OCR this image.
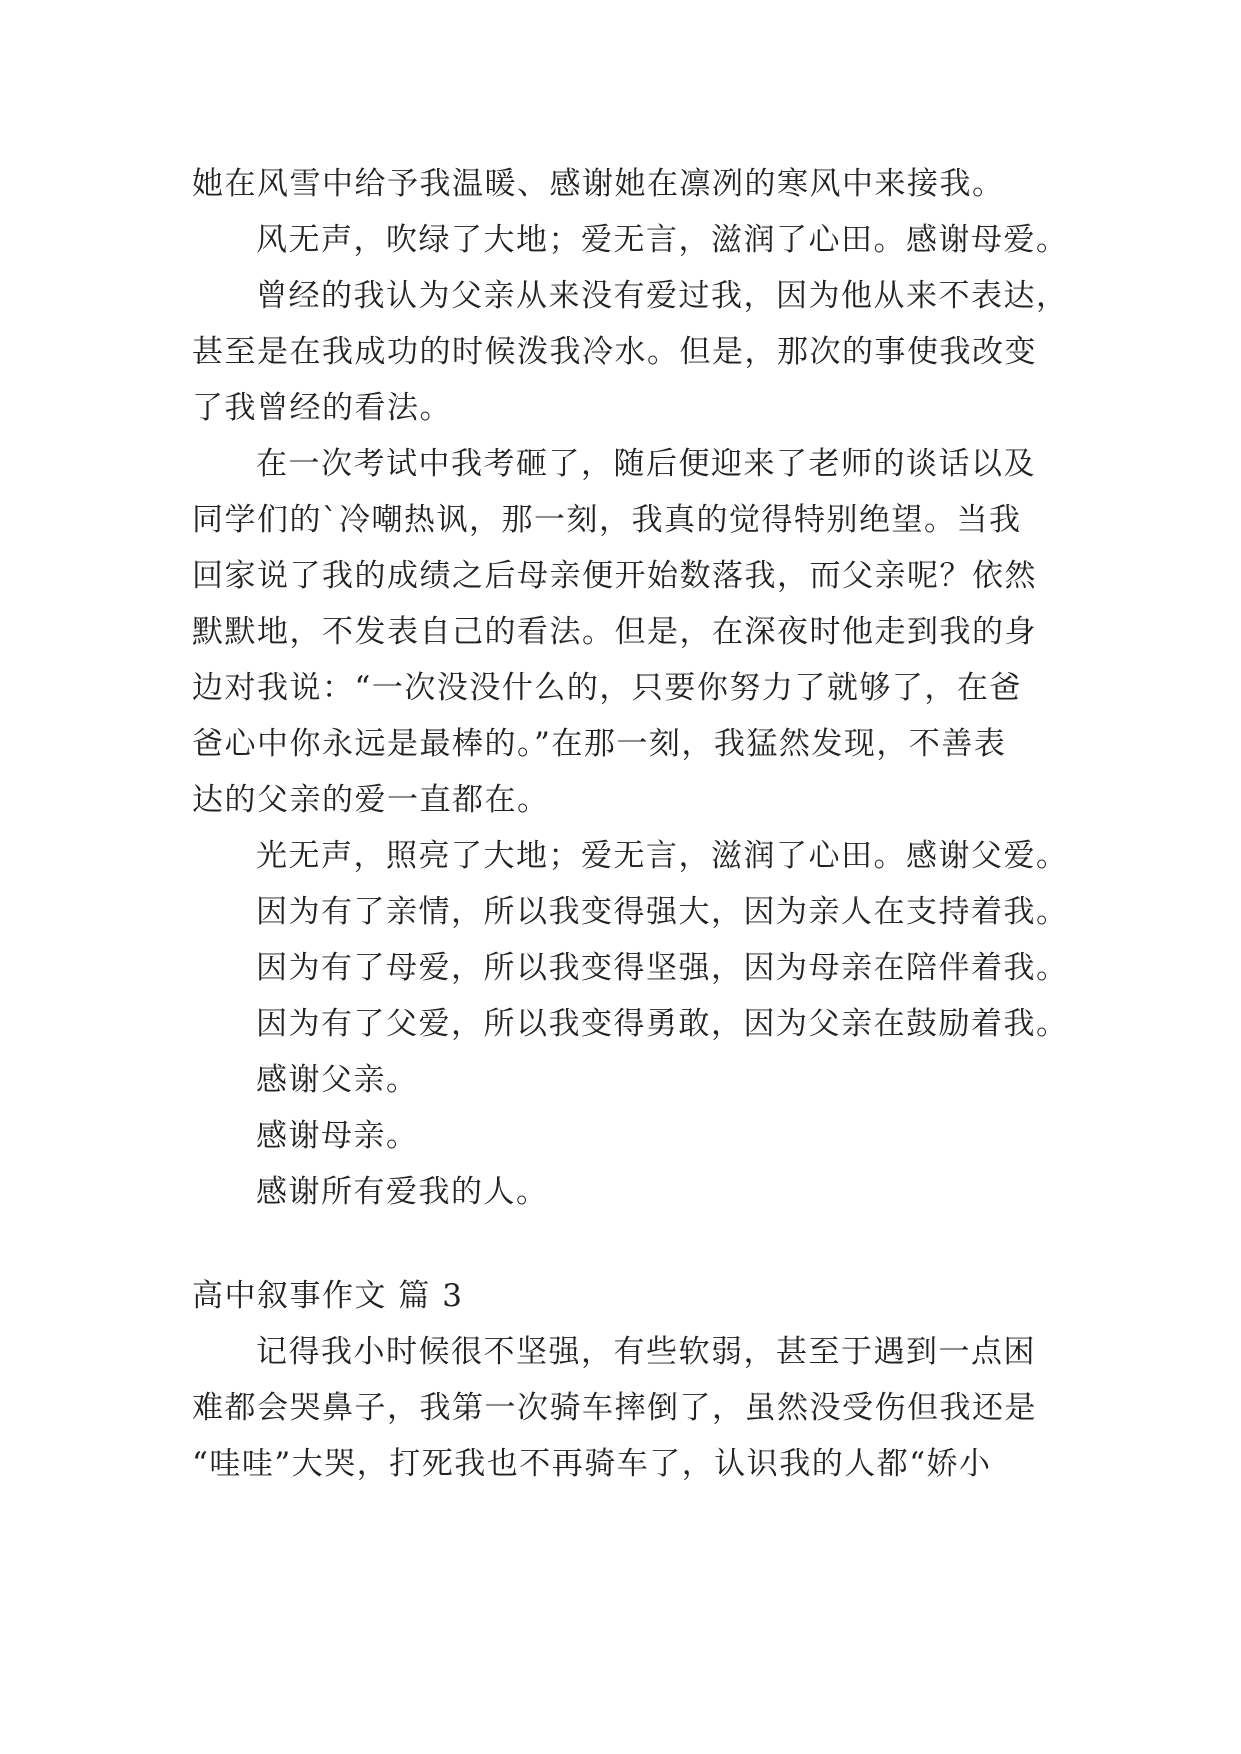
她在风雪中给予我温暖、感谢她在凛冽的寒风中来接我。
风无声，吹绿了大地；爱无言，滋润了心田。感谢母爱。
曾经的我认为父亲从来没有爱过我，因为他从来不表达，
甚至是在我成功的时候泼我冷水。但是，那次的事使我改变
了我曾经的看法。
在一次考试中我考砸了，随后便迎来了老师的谈话以及
同学们的`冷嘲热讽，那一刻，我真的觉得特别绝望。当我
回家说了我的成绩之后母亲便开始数落我，而父亲呢？依然
默默地，不发表自己的看法。但是，在深夜时他走到我的身
边对我说：“一次没没什么的，只要你努力了就够了，在爸
爸心中你永远是最棒的。”在那一刻，我猛然发现，不善表
达的父亲的爱一直都在。
光无声，照亮了大地；爱无言，滋润了心田。感谢父爱。
因为有了亲情，所以我变得强大，因为亲人在支持着我。
因为有了母爱，所以我变得坚强，因为母亲在陪伴着我。
因为有了父爱，所以我变得勇敢，因为父亲在鼓励着我。
感谢父亲。
感谢母亲。
感谢所有爱我的人。
高中叙事作文 篇 3
记得我小时候很不坚强，有些软弱，甚至于遇到一点困
难都会哭鼻子，我第一次骑车摔倒了，虽然没受伤但我还是
“哇哇”大哭，打死我也不再骑车了，认识我的人都“娇小
